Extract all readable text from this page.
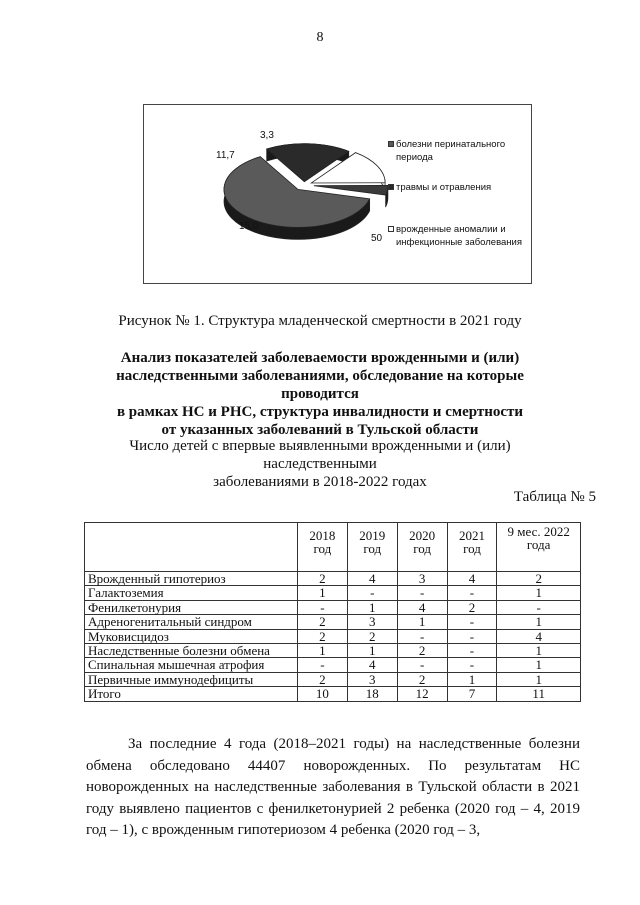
8
50
15,0
11,7
3,3
болезни перинатального периода
травмы и отравления
врожденные аномалии и инфекционные заболевания
Рисунок № 1. Структура младенческой смертности в 2021 году
Анализ показателей заболеваемости врожденными и (или)
наследственными заболеваниями, обследование на которые проводится
в рамках НС и РНС, структура инвалидности и смертности
от указанных заболеваний в Тульской области
Число детей с впервые выявленными врожденными и (или) наследственными
заболеваниями в 2018-2022 годах
Таблица № 5
	2018 год	2019 год	2020 год	2021 год	9 мес. 2022 года
Врожденный гипотериоз	2	4	3	4	2
Галактоземия	1	-	-	-	1
Фенилкетонурия	-	1	4	2	-
Адреногенитальный синдром	2	3	1	-	1
Муковисцидоз	2	2	-	-	4
Наследственные болезни обмена	1	1	2	-	1
Спинальная мышечная атрофия	-	4	-	-	1
Первичные иммунодефициты	2	3	2	1	1
Итого	10	18	12	7	11

За последние 4 года (2018–2021 годы) на наследственные болезни обмена обследовано 44407 новорожденных. По результатам НС новорожденных на наследственные заболевания в Тульской области в 2021 году выявлено пациентов с фенилкетонурией 2 ребенка (2020 год – 4, 2019 год – 1), с врожденным гипотериозом 4 ребенка (2020 год – 3,
